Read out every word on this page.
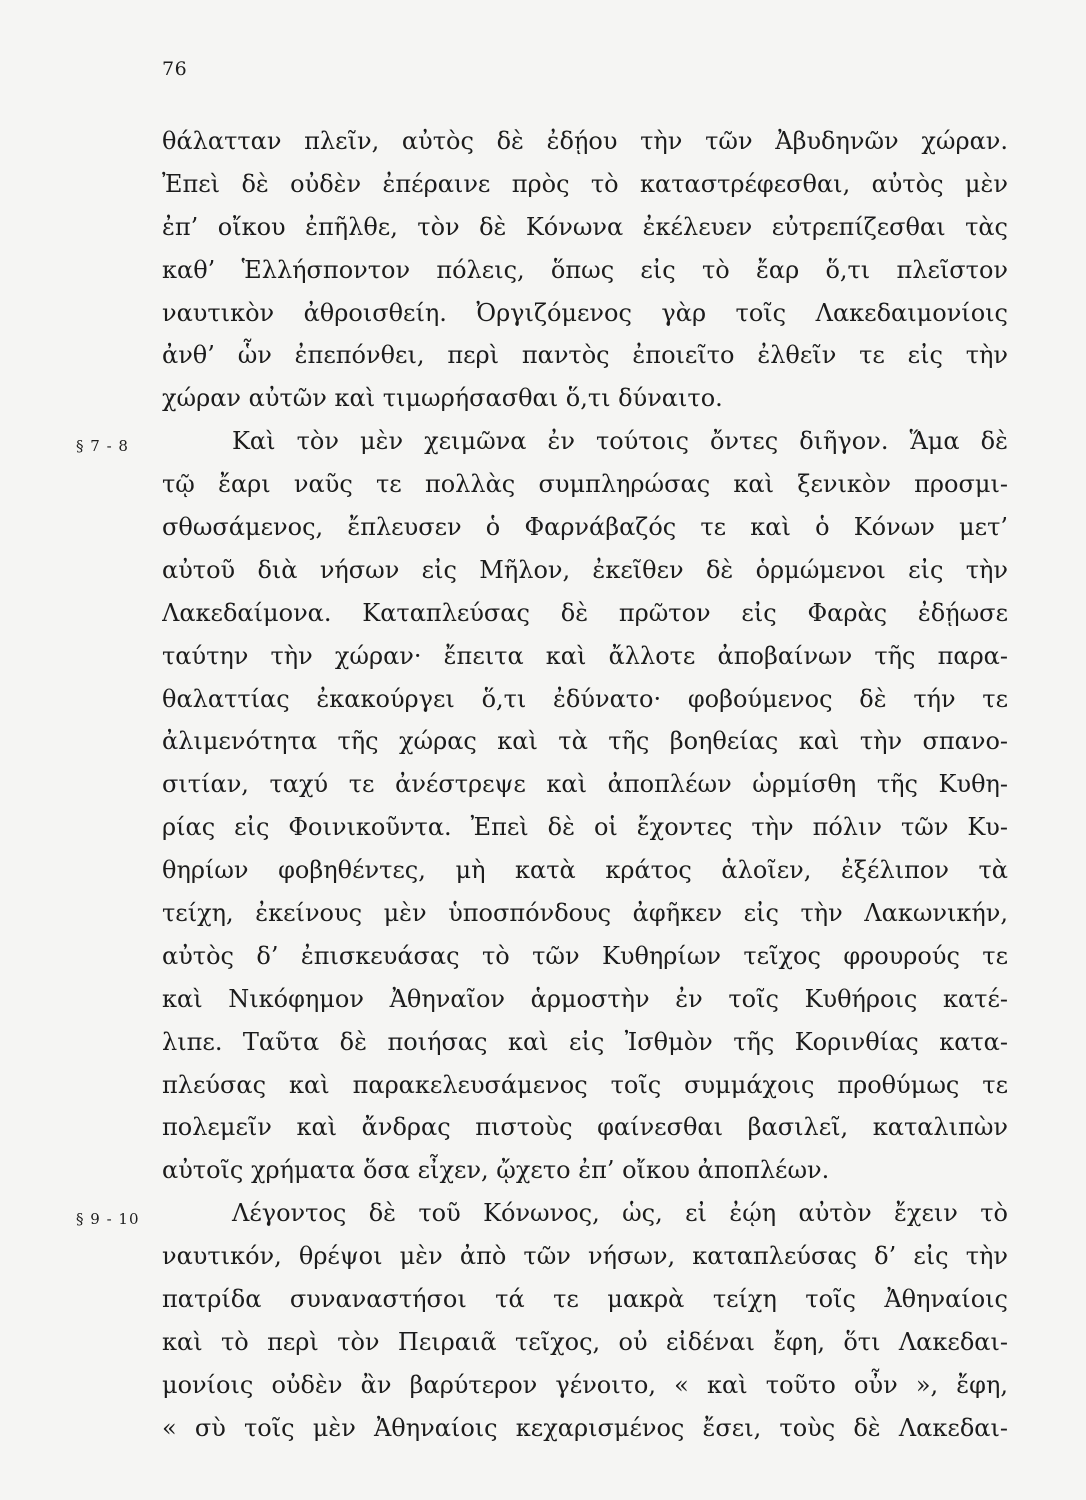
76
§ 7 - 8
§ 9 - 10
θάλατταν πλεῖν, αὐτὸς δὲ ἐδῄου τὴν τῶν Ἀβυδηνῶν χώραν.
Ἐπεὶ δὲ οὐδὲν ἐπέραινε πρὸς τὸ καταστρέφεσθαι, αὐτὸς μὲν
ἐπ’ οἴκου ἐπῆλθε, τὸν δὲ Κόνωνα ἐκέλευεν εὐτρεπίζεσθαι τὰς
καθ’ Ἑλλήσποντον πόλεις, ὅπως εἰς τὸ ἔαρ ὅ,τι πλεῖστον
ναυτικὸν ἀθροισθείη. Ὀργιζόμενος γὰρ τοῖς Λακεδαιμονίοις
ἀνθ’ ὧν ἐπεπόνθει, περὶ παντὸς ἐποιεῖτο ἐλθεῖν τε εἰς τὴν
χώραν αὐτῶν καὶ τιμωρήσασθαι ὅ,τι δύναιτο.
Καὶ τὸν μὲν χειμῶνα ἐν τούτοις ὄντες διῆγον. Ἅμα δὲ
τῷ ἔαρι ναῦς τε πολλὰς συμπληρώσας καὶ ξενικὸν προσμι-
σθωσάμενος, ἔπλευσεν ὁ Φαρνάβαζός τε καὶ ὁ Κόνων μετ’
αὐτοῦ διὰ νήσων εἰς Μῆλον, ἐκεῖθεν δὲ ὁρμώμενοι εἰς τὴν
Λακεδαίμονα. Καταπλεύσας δὲ πρῶτον εἰς Φαρὰς ἐδῄωσε
ταύτην τὴν χώραν· ἔπειτα καὶ ἄλλοτε ἀποβαίνων τῆς παρα-
θαλαττίας ἐκακούργει ὅ,τι ἐδύνατο· φοβούμενος δὲ τήν τε
ἀλιμενότητα τῆς χώρας καὶ τὰ τῆς βοηθείας καὶ τὴν σπανο-
σιτίαν, ταχύ τε ἀνέστρεψε καὶ ἀποπλέων ὡρμίσθη τῆς Κυθη-
ρίας εἰς Φοινικοῦντα. Ἐπεὶ δὲ οἱ ἔχοντες τὴν πόλιν τῶν Κυ-
θηρίων φοβηθέντες, μὴ κατὰ κράτος ἁλοῖεν, ἐξέλιπον τὰ
τείχη, ἐκείνους μὲν ὑποσπόνδους ἀφῆκεν εἰς τὴν Λακωνικήν,
αὐτὸς δ’ ἐπισκευάσας τὸ τῶν Κυθηρίων τεῖχος φρουρούς τε
καὶ Νικόφημον Ἀθηναῖον ἁρμοστὴν ἐν τοῖς Κυθήροις κατέ-
λιπε. Ταῦτα δὲ ποιήσας καὶ εἰς Ἰσθμὸν τῆς Κορινθίας κατα-
πλεύσας καὶ παρακελευσάμενος τοῖς συμμάχοις προθύμως τε
πολεμεῖν καὶ ἄνδρας πιστοὺς φαίνεσθαι βασιλεῖ, καταλιπὼν
αὐτοῖς χρήματα ὅσα εἶχεν, ᾤχετο ἐπ’ οἴκου ἀποπλέων.
Λέγοντος δὲ τοῦ Κόνωνος, ὡς, εἰ ἐῴη αὐτὸν ἔχειν τὸ
ναυτικόν, θρέψοι μὲν ἀπὸ τῶν νήσων, καταπλεύσας δ’ εἰς τὴν
πατρίδα συναναστήσοι τά τε μακρὰ τείχη τοῖς Ἀθηναίοις
καὶ τὸ περὶ τὸν Πειραιᾶ τεῖχος, οὐ εἰδέναι ἔφη, ὅτι Λακεδαι-
μονίοις οὐδὲν ἂν βαρύτερον γένοιτο, « καὶ τοῦτο οὖν », ἔφη,
« σὺ τοῖς μὲν Ἀθηναίοις κεχαρισμένος ἔσει, τοὺς δὲ Λακεδαι-
